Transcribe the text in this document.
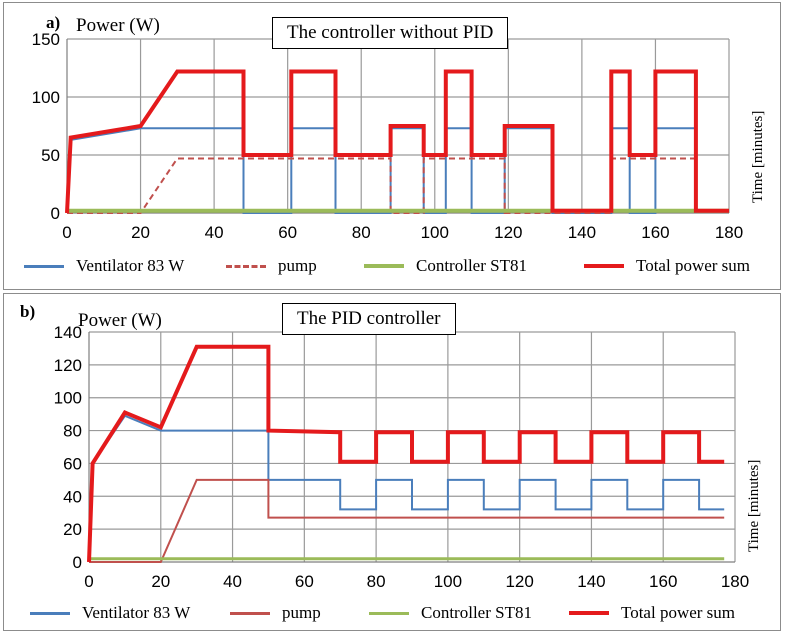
0	20	40	60	80	100	120	140	160	180
0
50
100
150
a) Power (W)	The controller without PID
Time [minutes]
Ventilator 83 W	pump	Controller ST81	Total power sum
0	20	40	60	80	100	120	140	160	180
0
20
40
60
80
100
120
140
b) Power (W)	The PID controller
Time [minutes]
Ventilator 83 W	pump	Controller ST81	Total power sum
